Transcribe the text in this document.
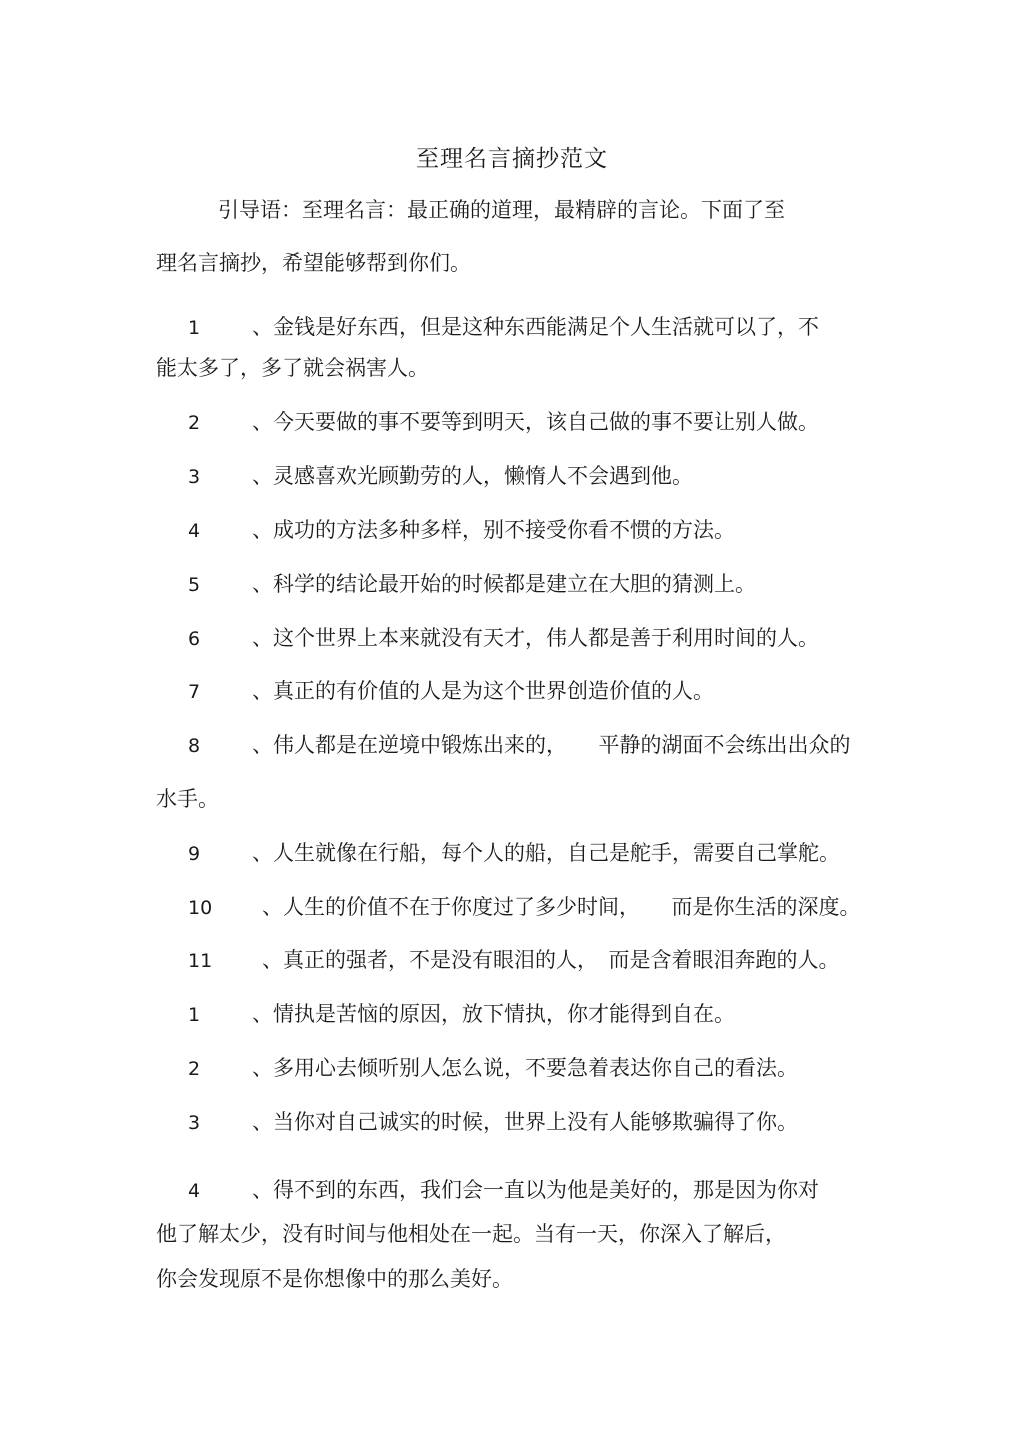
至理名言摘抄范文
引导语：至理名言：最正确的道理，最精辟的言论。下面了至
理名言摘抄，希望能够帮到你们。
1 、金钱是好东西，但是这种东西能满足个人生活就可以了，不
能太多了，多了就会祸害人。
2 、今天要做的事不要等到明天，该自己做的事不要让别人做。
3 、灵感喜欢光顾勤劳的人，懒惰人不会遇到他。
4 、成功的方法多种多样，别不接受你看不惯的方法。
5 、科学的结论最开始的时候都是建立在大胆的猜测上。
6 、这个世界上本来就没有天才，伟人都是善于利用时间的人。
7 、真正的有价值的人是为这个世界创造价值的人。
8 、伟人都是在逆境中锻炼出来的，　　平静的湖面不会练出出众的
水手。
9 、人生就像在行船，每个人的船，自己是舵手，需要自己掌舵。
10 、人生的价值不在于你度过了多少时间，　　而是你生活的深度。
11 、真正的强者，不是没有眼泪的人，　而是含着眼泪奔跑的人。
1 、情执是苦恼的原因，放下情执，你才能得到自在。
2 、多用心去倾听别人怎么说，不要急着表达你自己的看法。
3 、当你对自己诚实的时候，世界上没有人能够欺骗得了你。
4 、得不到的东西，我们会一直以为他是美好的，那是因为你对
他了解太少，没有时间与他相处在一起。当有一天，你深入了解后，
你会发现原不是你想像中的那么美好。
